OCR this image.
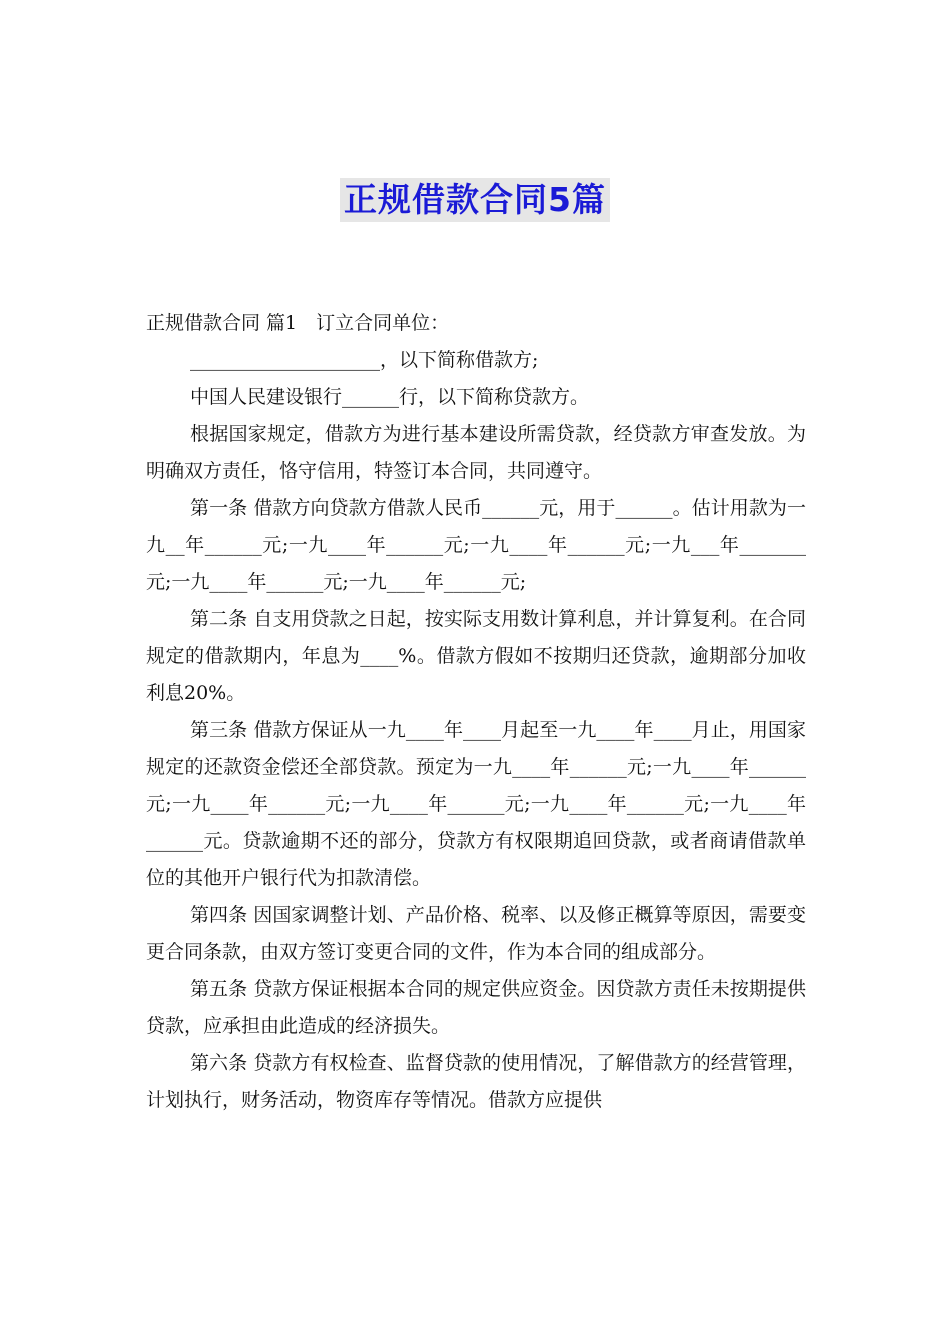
正规借款合同5篇

正规借款合同 篇1　订立合同单位：

____________________，以下简称借款方;

中国人民建设银行______行，以下简称贷款方。

根据国家规定，借款方为进行基本建设所需贷款，经贷款方审查发放。为明确双方责任，恪守信用，特签订本合同，共同遵守。

第一条 借款方向贷款方借款人民币______元，用于______。估计用款为一九__年______元;一九____年______元;一九____年______元;一九___年_______元;一九____年______元;一九____年______元;

第二条 自支用贷款之日起，按实际支用数计算利息，并计算复利。在合同规定的借款期内，年息为____%。借款方假如不按期归还贷款，逾期部分加收利息20%。

第三条 借款方保证从一九____年____月起至一九____年____月止，用国家规定的还款资金偿还全部贷款。预定为一九____年______元;一九____年______元;一九____年______元;一九____年______元;一九____年______元;一九____年______元。贷款逾期不还的部分，贷款方有权限期追回贷款，或者商请借款单位的其他开户银行代为扣款清偿。

第四条 因国家调整计划、产品价格、税率、以及修正概算等原因，需要变更合同条款，由双方签订变更合同的文件，作为本合同的组成部分。

第五条 贷款方保证根据本合同的规定供应资金。因贷款方责任未按期提供贷款，应承担由此造成的经济损失。

第六条 贷款方有权检查、监督贷款的使用情况，了解借款方的经营管理，计划执行，财务活动，物资库存等情况。借款方应提供
